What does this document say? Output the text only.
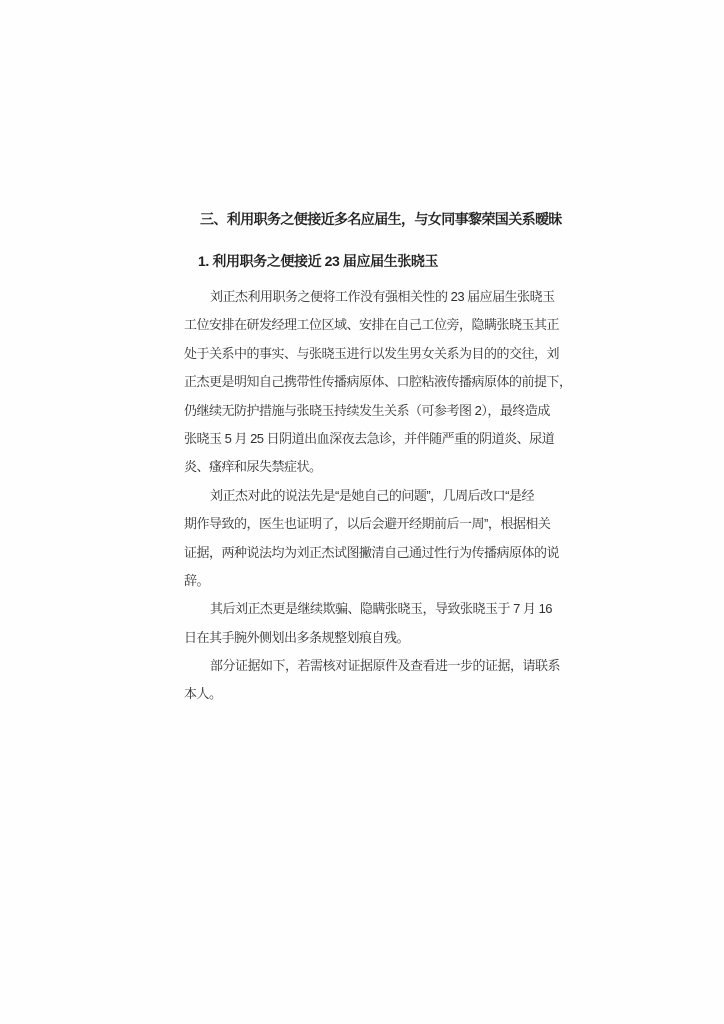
三、利用职务之便接近多名应届生，与女同事黎荣国关系暧昧
1. 利用职务之便接近 23 届应届生张晓玉

刘正杰利用职务之便将工作没有强相关性的 23 届应届生张晓玉
工位安排在研发经理工位区域、安排在自己工位旁，隐瞒张晓玉其正
处于关系中的事实、与张晓玉进行以发生男女关系为目的的交往，刘
正杰更是明知自己携带性传播病原体、口腔粘液传播病原体的前提下，
仍继续无防护措施与张晓玉持续发生关系（可参考图 2），最终造成
张晓玉 5 月 25 日阴道出血深夜去急诊，并伴随严重的阴道炎、尿道
炎、瘙痒和尿失禁症状。

刘正杰对此的说法先是“是她自己的问题”，几周后改口“是经
期作导致的，医生也证明了，以后会避开经期前后一周”，根据相关
证据，两种说法均为刘正杰试图撇清自己通过性行为传播病原体的说
辞。

其后刘正杰更是继续欺骗、隐瞒张晓玉，导致张晓玉于 7 月 16
日在其手腕外侧划出多条规整划痕自残。

部分证据如下，若需核对证据原件及查看进一步的证据，请联系
本人。
